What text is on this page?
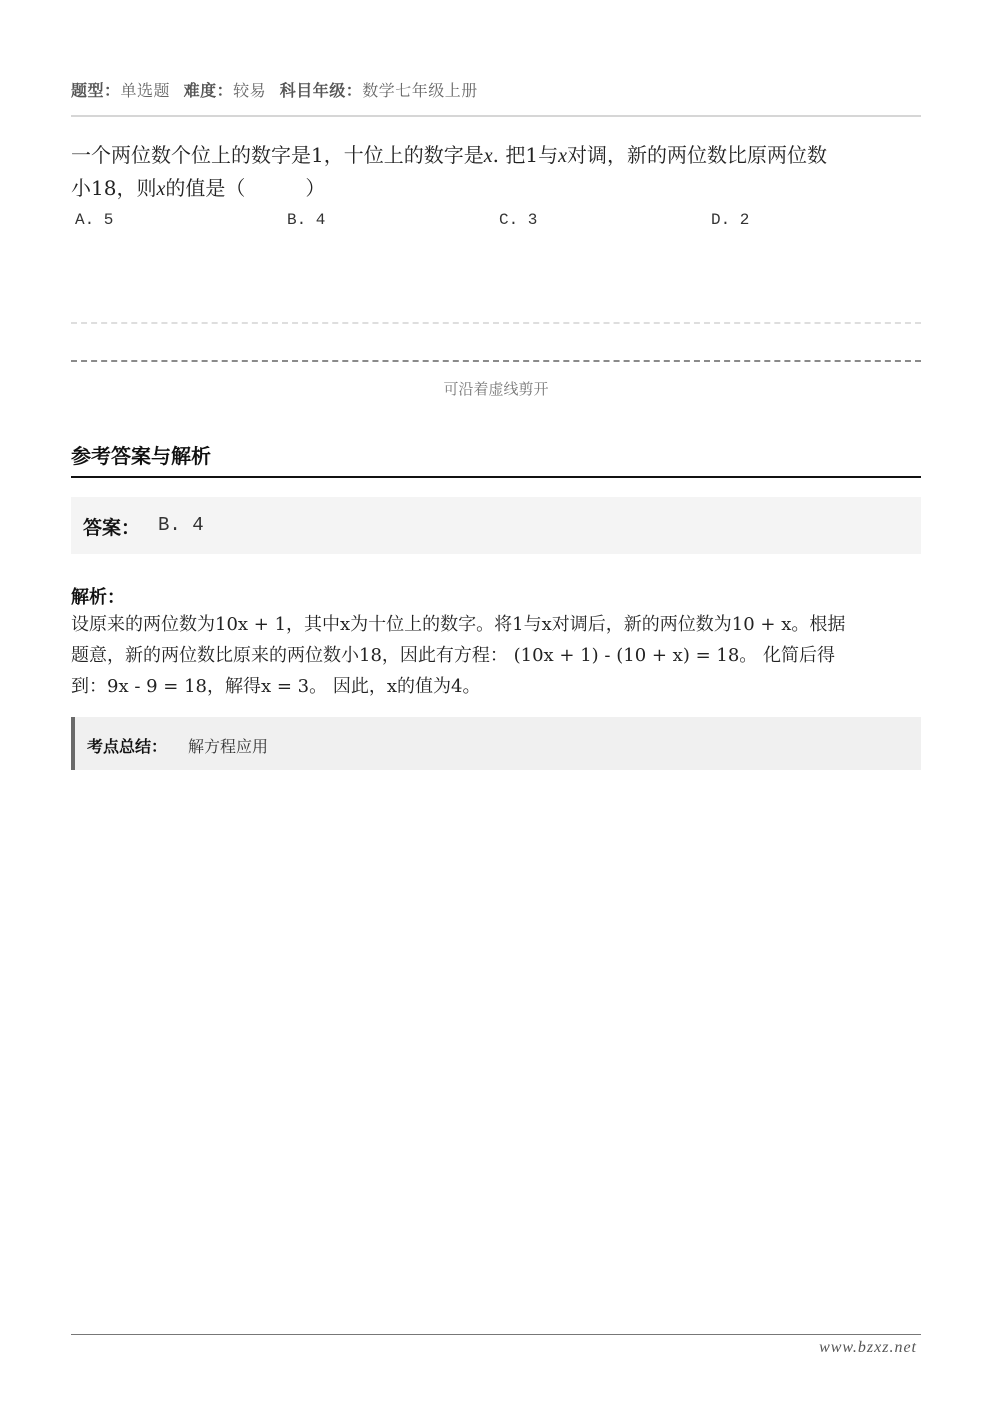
题型：单选题 难度：较易 科目年级：数学七年级上册
一个两位数个位上的数字是1，十位上的数字是x. 把1与x对调，新的两位数比原两位数
小18，则x的值是（　　　）
A. 5	B. 4	C. 3	D. 2
可沿着虚线剪开
参考答案与解析
答案： B. 4
解析：
设原来的两位数为10x + 1，其中x为十位上的数字。将1与x对调后，新的两位数为10 + x。根据
题意，新的两位数比原来的两位数小18，因此有方程： (10x + 1) - (10 + x) = 18。 化简后得
到：9x - 9 = 18，解得x = 3。 因此，x的值为4。
考点总结： 解方程应用
www.bzxz.net
